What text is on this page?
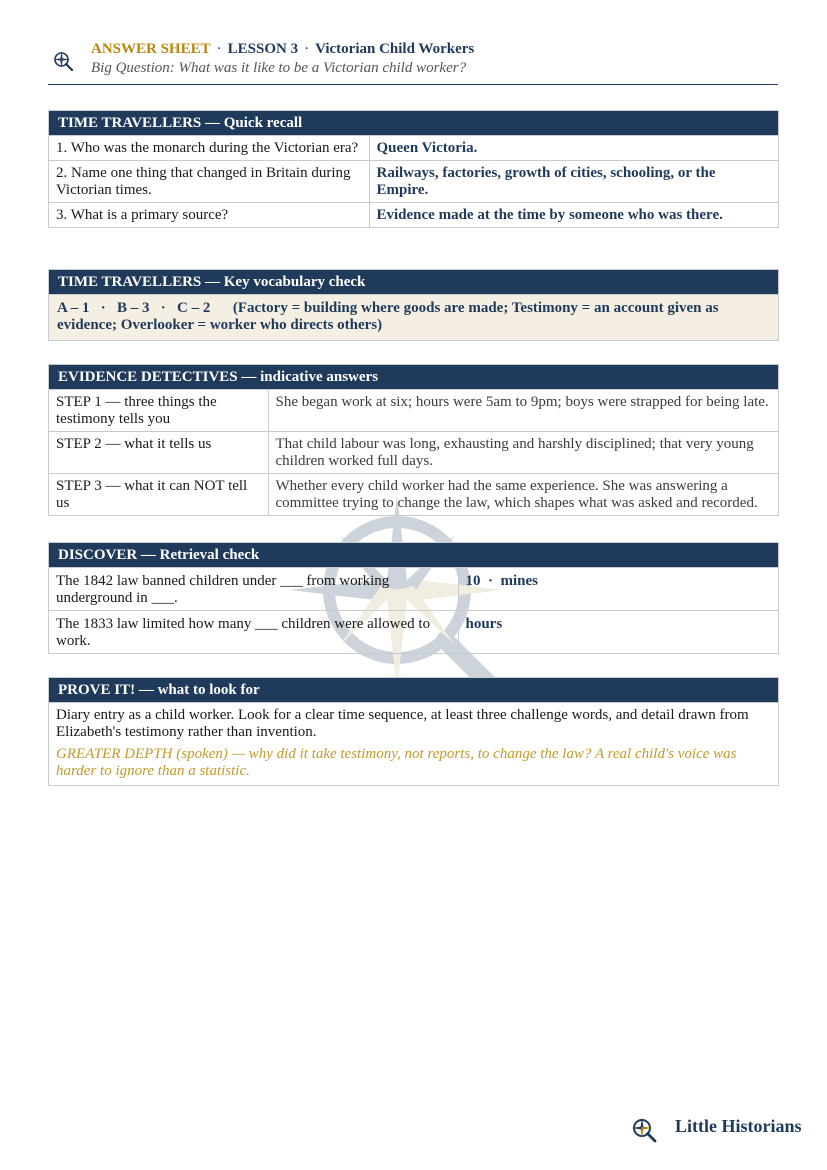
ANSWER SHEET · LESSON 3 · Victorian Child Workers
Big Question: What was it like to be a Victorian child worker?
TIME TRAVELLERS — Quick recall
1. Who was the monarch during the Victorian era?	Queen Victoria.
2. Name one thing that changed in Britain during Victorian times.	Railways, factories, growth of cities, schooling, or the Empire.
3. What is a primary source?	Evidence made at the time by someone who was there.
TIME TRAVELLERS — Key vocabulary check
A – 1   ·   B – 3   ·   C – 2      (Factory = building where goods are made; Testimony = an account given as evidence; Overlooker = worker who directs others)
EVIDENCE DETECTIVES — indicative answers
STEP 1 — three things the testimony tells you	She began work at six; hours were 5am to 9pm; boys were strapped for being late.
STEP 2 — what it tells us	That child labour was long, exhausting and harshly disciplined; that very young children worked full days.
STEP 3 — what it can NOT tell us	Whether every child worker had the same experience. She was answering a committee trying to change the law, which shapes what was asked and recorded.
DISCOVER — Retrieval check
The 1842 law banned children under ___ from working underground in ___.	10  ·  mines
The 1833 law limited how many ___ children were allowed to work.	hours
PROVE IT! — what to look for
Diary entry as a child worker. Look for a clear time sequence, at least three challenge words, and detail drawn from Elizabeth's testimony rather than invention.
GREATER DEPTH (spoken) — why did it take testimony, not reports, to change the law? A real child's voice was harder to ignore than a statistic.
Little Historians
